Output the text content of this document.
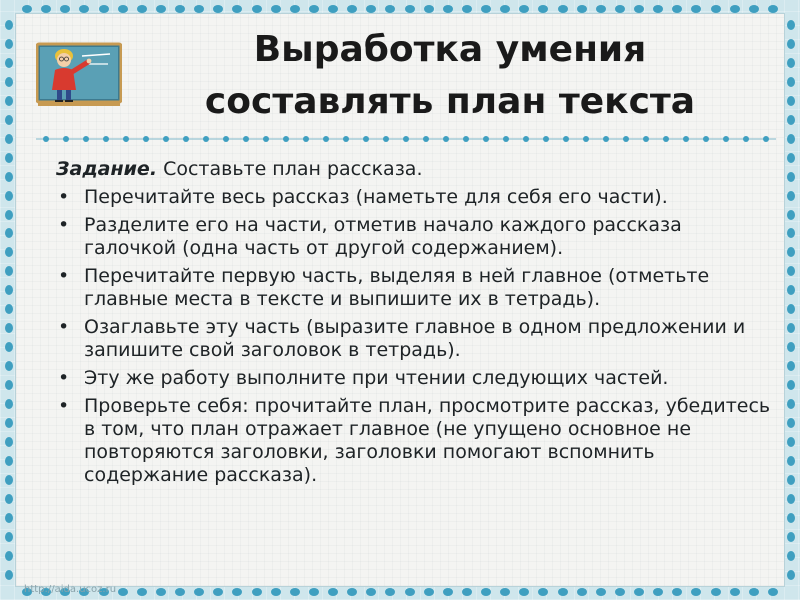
Выработка умения
составлять план текста
Задание. Составьте план рассказа.
• Перечитайте весь рассказ (наметьте для себя его части).
• Разделите его на части, отметив начало каждого рассказа галочкой (одна часть от другой содержанием).
• Перечитайте первую часть, выделяя в ней главное (отметьте главные места в тексте и выпишите их в тетрадь).
• Озаглавьте эту часть (выразите главное в одном предложении и запишите свой заголовок в тетрадь).
• Эту же работу выполните при чтении следующих частей.
• Проверьте себя: прочитайте план, просмотрите рассказ, убедитесь в том, что план отражает главное (не упущено основное не повторяются заголовки, заголовки помогают вспомнить содержание рассказа).
http://aida.ucoz.ru
